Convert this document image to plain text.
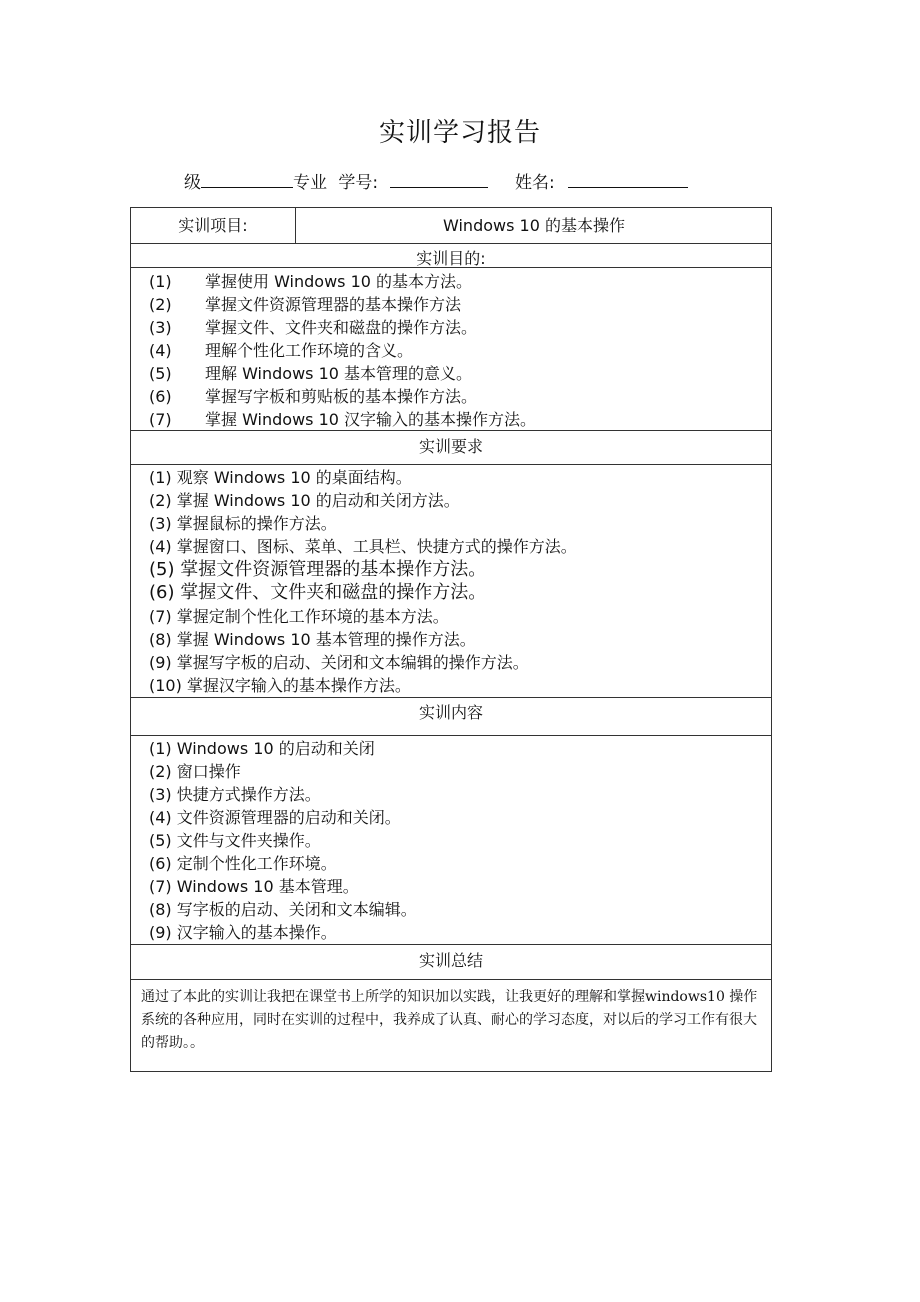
实训学习报告
级	专业 学号:	姓名:
实训项目:	Windows 10 的基本操作
实训目的:
(1) 掌握使用 Windows 10 的基本方法。
(2) 掌握文件资源管理器的基本操作方法
(3) 掌握文件、文件夹和磁盘的操作方法。
(4) 理解个性化工作环境的含义。
(5) 理解 Windows 10 基本管理的意义。
(6) 掌握写字板和剪贴板的基本操作方法。
(7) 掌握 Windows 10 汉字输入的基本操作方法。
实训要求
(1) 观察 Windows 10 的桌面结构。
(2) 掌握 Windows 10 的启动和关闭方法。
(3) 掌握鼠标的操作方法。
(4) 掌握窗口、图标、菜单、工具栏、快捷方式的操作方法。
(5) 掌握文件资源管理器的基本操作方法。
(6) 掌握文件、文件夹和磁盘的操作方法。
(7) 掌握定制个性化工作环境的基本方法。
(8) 掌握 Windows 10 基本管理的操作方法。
(9) 掌握写字板的启动、关闭和文本编辑的操作方法。
(10) 掌握汉字输入的基本操作方法。
实训内容
(1) Windows 10 的启动和关闭
(2) 窗口操作
(3) 快捷方式操作方法。
(4) 文件资源管理器的启动和关闭。
(5) 文件与文件夹操作。
(6) 定制个性化工作环境。
(7) Windows 10 基本管理。
(8) 写字板的启动、关闭和文本编辑。
(9) 汉字输入的基本操作。
实训总结
通过了本此的实训让我把在课堂书上所学的知识加以实践，让我更好的理解和掌握windows10 操作系统的各种应用，同时在实训的过程中，我养成了认真、耐心的学习态度，对以后的学习工作有很大的帮助。。
